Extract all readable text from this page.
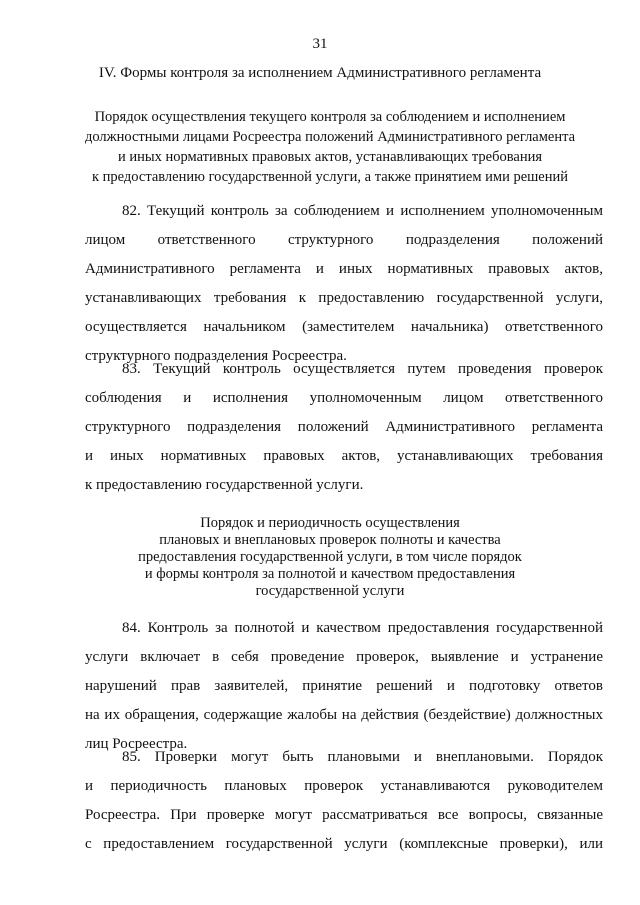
31
IV. Формы контроля за исполнением Административного регламента
Порядок осуществления текущего контроля за соблюдением и исполнением
должностными лицами Росреестра положений Административного регламента
и иных нормативных правовых актов, устанавливающих требования
к предоставлению государственной услуги, а также принятием ими решений
82. Текущий контроль за соблюдением и исполнением уполномоченным
лицом ответственного структурного подразделения положений
Административного регламента и иных нормативных правовых актов,
устанавливающих требования к предоставлению государственной услуги,
осуществляется начальником (заместителем начальника) ответственного
структурного подразделения Росреестра.
83. Текущий контроль осуществляется путем проведения проверок
соблюдения и исполнения уполномоченным лицом ответственного
структурного подразделения положений Административного регламента
и иных нормативных правовых актов, устанавливающих требования
к предоставлению государственной услуги.
Порядок и периодичность осуществления
плановых и внеплановых проверок полноты и качества
предоставления государственной услуги, в том числе порядок
и формы контроля за полнотой и качеством предоставления
государственной услуги
84. Контроль за полнотой и качеством предоставления государственной
услуги включает в себя проведение проверок, выявление и устранение
нарушений прав заявителей, принятие решений и подготовку ответов
на их обращения, содержащие жалобы на действия (бездействие) должностных
лиц Росреестра.
85. Проверки могут быть плановыми и внеплановыми. Порядок
и периодичность плановых проверок устанавливаются руководителем
Росреестра. При проверке могут рассматриваться все вопросы, связанные
с предоставлением государственной услуги (комплексные проверки), или
